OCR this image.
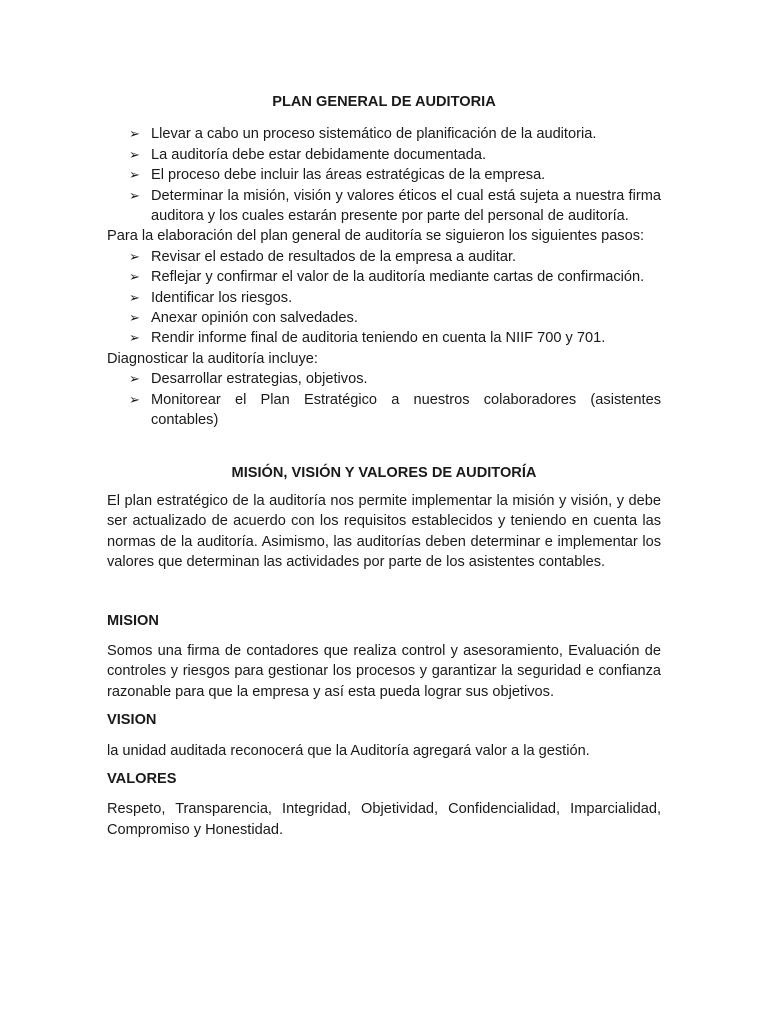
PLAN GENERAL DE AUDITORIA
➢ Llevar a cabo un proceso sistemático de planificación de la auditoria.
➢ La auditoría debe estar debidamente documentada.
➢ El proceso debe incluir las áreas estratégicas de la empresa.
➢ Determinar la misión, visión y valores éticos el cual está sujeta a nuestra firma auditora y los cuales estarán presente por parte del personal de auditoría.

Para la elaboración del plan general de auditoría se siguieron los siguientes pasos:

➢ Revisar el estado de resultados de la empresa a auditar.
➢ Reflejar y confirmar el valor de la auditoría mediante cartas de confirmación.
➢ Identificar los riesgos.
➢ Anexar opinión con salvedades.
➢ Rendir informe final de auditoria teniendo en cuenta la NIIF 700 y 701.

Diagnosticar la auditoría incluye:

➢ Desarrollar estrategias, objetivos.
➢ Monitorear el Plan Estratégico a nuestros colaboradores (asistentes contables)
MISIÓN, VISIÓN Y VALORES DE AUDITORÍA

El plan estratégico de la auditoría nos permite implementar la misión y visión, y debe ser actualizado de acuerdo con los requisitos establecidos y teniendo en cuenta las normas de la auditoría. Asimismo, las auditorías deben determinar e implementar los valores que determinan las actividades por parte de los asistentes contables.

MISION

Somos una firma de contadores que realiza control y asesoramiento, Evaluación de controles y riesgos para gestionar los procesos y garantizar la seguridad e confianza razonable para que la empresa y así esta pueda lograr sus objetivos.

VISION

la unidad auditada reconocerá que la Auditoría agregará valor a la gestión.

VALORES

Respeto, Transparencia, Integridad, Objetividad, Confidencialidad, Imparcialidad, Compromiso y Honestidad.
